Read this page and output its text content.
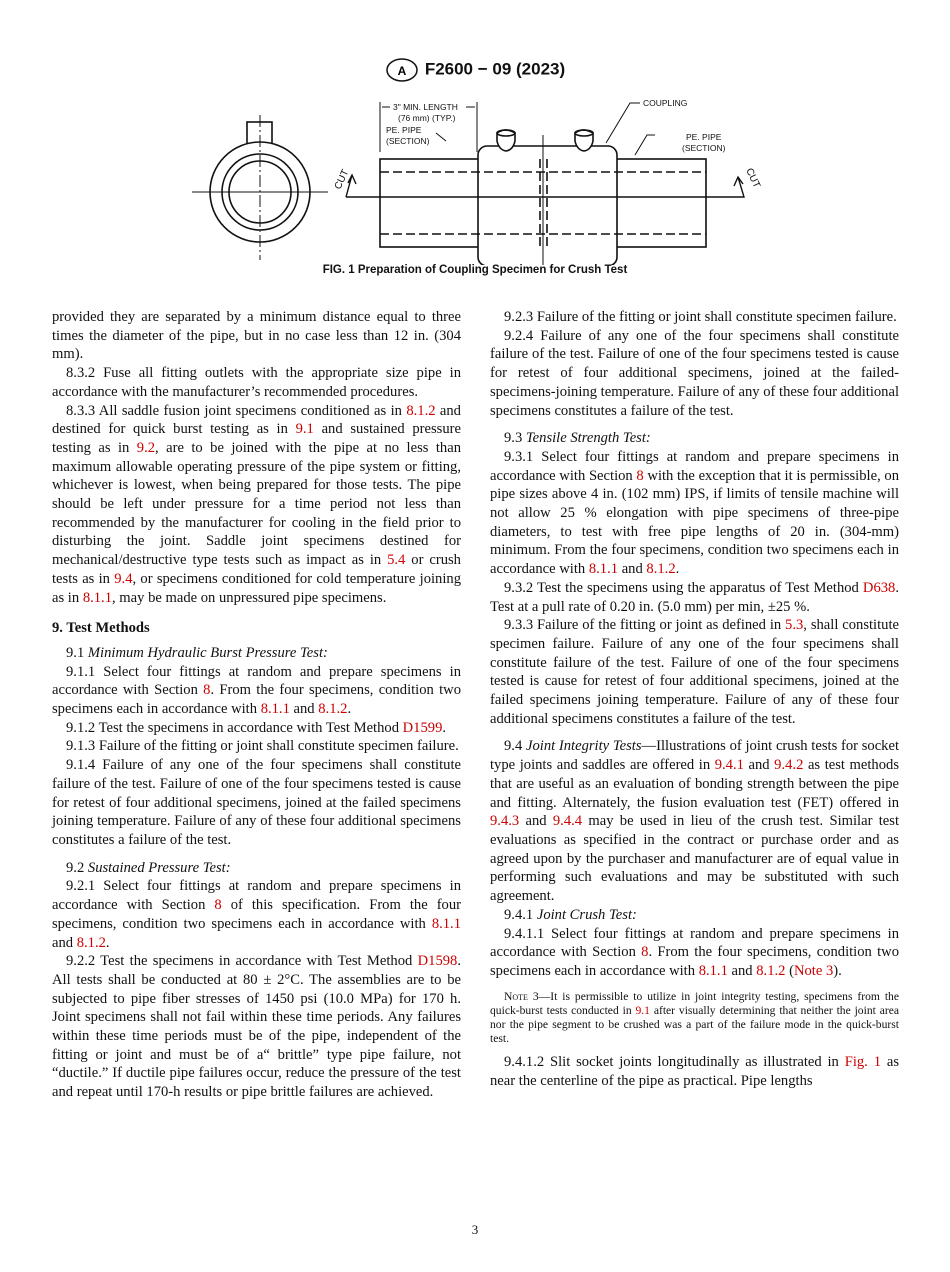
A F2600 − 09 (2023)
3" MIN. LENGTH
(76 mm) (TYP.)
PE. PIPE
(SECTION)
COUPLING
PE. PIPE
(SECTION)
CUT	CUT
FIG. 1 Preparation of Coupling Specimen for Crush Test

provided they are separated by a minimum distance equal to three times the diameter of the pipe, but in no case less than 12 in. (304 mm).

8.3.2 Fuse all fitting outlets with the appropriate size pipe in accordance with the manufacturer’s recommended procedures.

8.3.3 All saddle fusion joint specimens conditioned as in 8.1.2 and destined for quick burst testing as in 9.1 and sustained pressure testing as in 9.2, are to be joined with the pipe at no less than maximum allowable operating pressure of the pipe system or fitting, whichever is lowest, when being prepared for those tests. The pipe should be left under pressure for a time period not less than recommended by the manufacturer for cooling in the field prior to disturbing the joint. Saddle joint specimens destined for mechanical/destructive type tests such as impact as in 5.4 or crush tests as in 9.4, or specimens conditioned for cold temperature joining as in 8.1.1, may be made on unpressured pipe specimens.

9. Test Methods

9.1 Minimum Hydraulic Burst Pressure Test:

9.1.1 Select four fittings at random and prepare specimens in accordance with Section 8. From the four specimens, condition two specimens each in accordance with 8.1.1 and 8.1.2.

9.1.2 Test the specimens in accordance with Test Method D1599.

9.1.3 Failure of the fitting or joint shall constitute specimen failure.

9.1.4 Failure of any one of the four specimens shall constitute failure of the test. Failure of one of the four specimens tested is cause for retest of four additional specimens, joined at the failed specimens joining temperature. Failure of any of these four additional specimens constitutes a failure of the test.

9.2 Sustained Pressure Test:

9.2.1 Select four fittings at random and prepare specimens in accordance with Section 8 of this specification. From the four specimens, condition two specimens each in accordance with 8.1.1 and 8.1.2.

9.2.2 Test the specimens in accordance with Test Method D1598. All tests shall be conducted at 80 ± 2°C. The assemblies are to be subjected to pipe fiber stresses of 1450 psi (10.0 MPa) for 170 h. Joint specimens shall not fail within these time periods. Any failures within these time periods must be of the pipe, independent of the fitting or joint and must be of a“ brittle” type pipe failure, not “ductile.” If ductile pipe failures occur, reduce the pressure of the test and repeat until 170-h results or pipe brittle failures are achieved.

9.2.3 Failure of the fitting or joint shall constitute specimen failure.

9.2.4 Failure of any one of the four specimens shall constitute failure of the test. Failure of one of the four specimens tested is cause for retest of four additional specimens, joined at the failed-specimens-joining temperature. Failure of any of these four additional specimens constitutes a failure of the test.

9.3 Tensile Strength Test:

9.3.1 Select four fittings at random and prepare specimens in accordance with Section 8 with the exception that it is permissible, on pipe sizes above 4 in. (102 mm) IPS, if limits of tensile machine will not allow 25 % elongation with pipe specimens of three-pipe diameters, to test with free pipe lengths of 20 in. (304-mm) minimum. From the four specimens, condition two specimens each in accordance with 8.1.1 and 8.1.2.

9.3.2 Test the specimens using the apparatus of Test Method D638. Test at a pull rate of 0.20 in. (5.0 mm) per min, ±25 %.

9.3.3 Failure of the fitting or joint as defined in 5.3, shall constitute specimen failure. Failure of any one of the four specimens shall constitute failure of the test. Failure of one of the four specimens tested is cause for retest of four additional specimens, joined at the failed specimens joining temperature. Failure of any of these four additional specimens constitutes a failure of the test.

9.4 Joint Integrity Tests—Illustrations of joint crush tests for socket type joints and saddles are offered in 9.4.1 and 9.4.2 as test methods that are useful as an evaluation of bonding strength between the pipe and fitting. Alternately, the fusion evaluation test (FET) offered in 9.4.3 and 9.4.4 may be used in lieu of the crush test. Similar test evaluations as specified in the contract or purchase order and as agreed upon by the purchaser and manufacturer are of equal value in performing such evaluations and may be substituted with such agreement.

9.4.1 Joint Crush Test:

9.4.1.1 Select four fittings at random and prepare specimens in accordance with Section 8. From the four specimens, condition two specimens each in accordance with 8.1.1 and 8.1.2 (Note 3).

Note 3—It is permissible to utilize in joint integrity testing, specimens from the quick-burst tests conducted in 9.1 after visually determining that neither the joint area nor the pipe segment to be crushed was a part of the failure mode in the quick-burst test.

9.4.1.2 Slit socket joints longitudinally as illustrated in Fig. 1 as near the centerline of the pipe as practical. Pipe lengths

3
